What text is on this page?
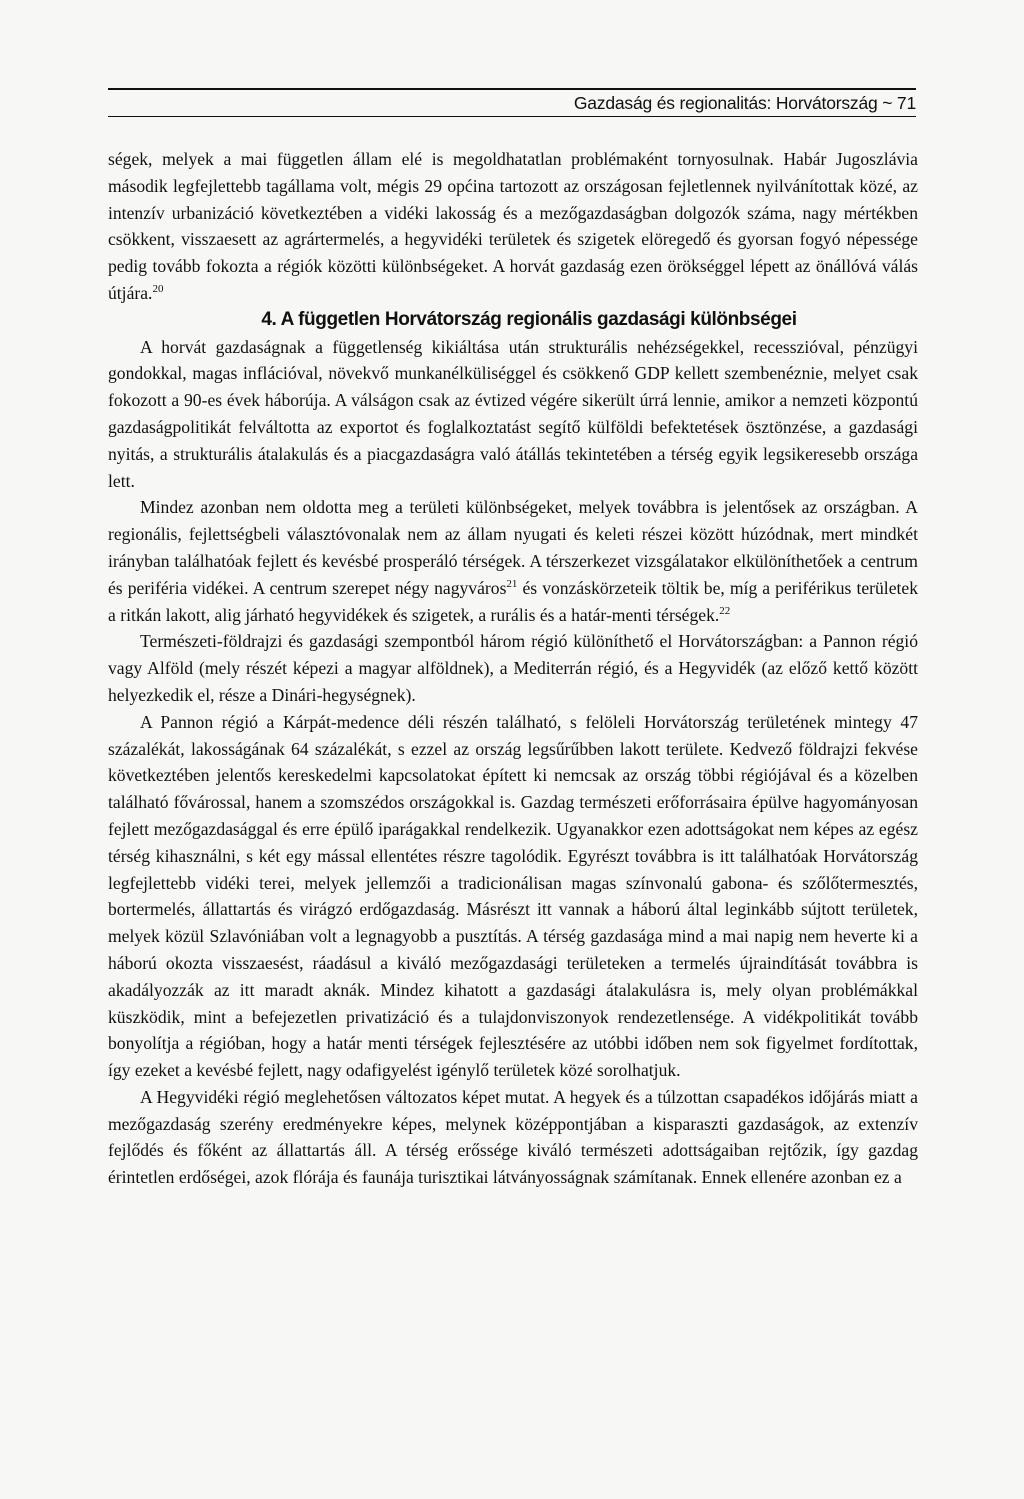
Gazdaság és regionalitás: Horvátország ~ 71

ségek, melyek a mai független állam elé is megoldhatatlan problémaként tornyosulnak. Habár Jugoszlávia második legfejlettebb tagállama volt, mégis 29 općina tartozott az országosan fejletlennek nyilvánítottak közé, az intenzív urbanizáció következtében a vidéki lakosság és a mezőgazdaságban dolgozók száma, nagy mértékben csökkent, visszaesett az agrártermelés, a hegyvidéki területek és szigetek elöregedő és gyorsan fogyó népessége pedig tovább fokozta a régiók közötti különbségeket. A horvát gazdaság ezen örökséggel lépett az önállóvá válás útjára.$^{20}$

4. A független Horvátország regionális gazdasági különbségei

A horvát gazdaságnak a függetlenség kikiáltása után strukturális nehézségekkel, recesszióval, pénzügyi gondokkal, magas inflációval, növekvő munkanélküliséggel és csökkenő GDP kellett szembenéznie, melyet csak fokozott a 90-es évek háborúja. A válságon csak az évtized végére sikerült úrrá lennie, amikor a nemzeti központú gazdaságpolitikát felváltotta az exportot és foglalkoztatást segítő külföldi befektetések ösztönzése, a gazdasági nyitás, a strukturális átalakulás és a piacgazdaságra való átállás tekintetében a térség egyik legsikeresebb országa lett.

Mindez azonban nem oldotta meg a területi különbségeket, melyek továbbra is jelentősek az országban. A regionális, fejlettségbeli választóvonalak nem az állam nyugati és keleti részei között húzódnak, mert mindkét irányban találhatóak fejlett és kevésbé prosperáló térségek. A térszerkezet vizsgálatakor elkülöníthetőek a centrum és periféria vidékei. A centrum szerepet négy nagyváros$^{21}$ és vonzáskörzeteik töltik be, míg a periférikus területek a ritkán lakott, alig járható hegyvidékek és szigetek, a rurális és a határ-menti térségek.$^{22}$

Természeti-földrajzi és gazdasági szempontból három régió különíthető el Horvátországban: a Pannon régió vagy Alföld (mely részét képezi a magyar alföldnek), a Mediterrán régió, és a Hegyvidék (az előző kettő között helyezkedik el, része a Dinári-hegységnek).

A Pannon régió a Kárpát-medence déli részén található, s felöleli Horvátország területének mintegy 47 százalékát, lakosságának 64 százalékát, s ezzel az ország legsűrűbben lakott területe. Kedvező földrajzi fekvése következtében jelentős kereskedelmi kapcsolatokat épített ki nemcsak az ország többi régiójával és a közelben található fővárossal, hanem a szomszédos országokkal is. Gazdag természeti erőforrásaira épülve hagyományosan fejlett mezőgazdasággal és erre épülő iparágakkal rendelkezik. Ugyanakkor ezen adottságokat nem képes az egész térség kihasználni, s két egy mással ellentétes részre tagolódik. Egyrészt továbbra is itt találhatóak Horvátország legfejlettebb vidéki terei, melyek jellemzői a tradicionálisan magas színvonalú gabona- és szőlőtermesztés, bortermelés, állattartás és virágzó erdőgazdaság. Másrészt itt vannak a háború által leginkább sújtott területek, melyek közül Szlavóniában volt a legnagyobb a pusztítás. A térség gazdasága mind a mai napig nem heverte ki a háború okozta visszaesést, ráadásul a kiváló mezőgazdasági területeken a termelés újraindítását továbbra is akadályozzák az itt maradt aknák. Mindez kihatott a gazdasági átalakulásra is, mely olyan problémákkal küszködik, mint a befejezetlen privatizáció és a tulajdonviszonyok rendezetlensége. A vidékpolitikát tovább bonyolítja a régióban, hogy a határ menti térségek fejlesztésére az utóbbi időben nem sok figyelmet fordítottak, így ezeket a kevésbé fejlett, nagy odafigyelést igénylő területek közé sorolhatjuk.

A Hegyvidéki régió meglehetősen változatos képet mutat. A hegyek és a túlzottan csapadékos időjárás miatt a mezőgazdaság szerény eredményekre képes, melynek középpontjában a kisparaszti gazdaságok, az extenzív fejlődés és főként az állattartás áll. A térség erőssége kiváló természeti adottságaiban rejtőzik, így gazdag érintetlen erdőségei, azok flórája és faunája turisztikai látványosságnak számítanak. Ennek ellenére azonban ez a
